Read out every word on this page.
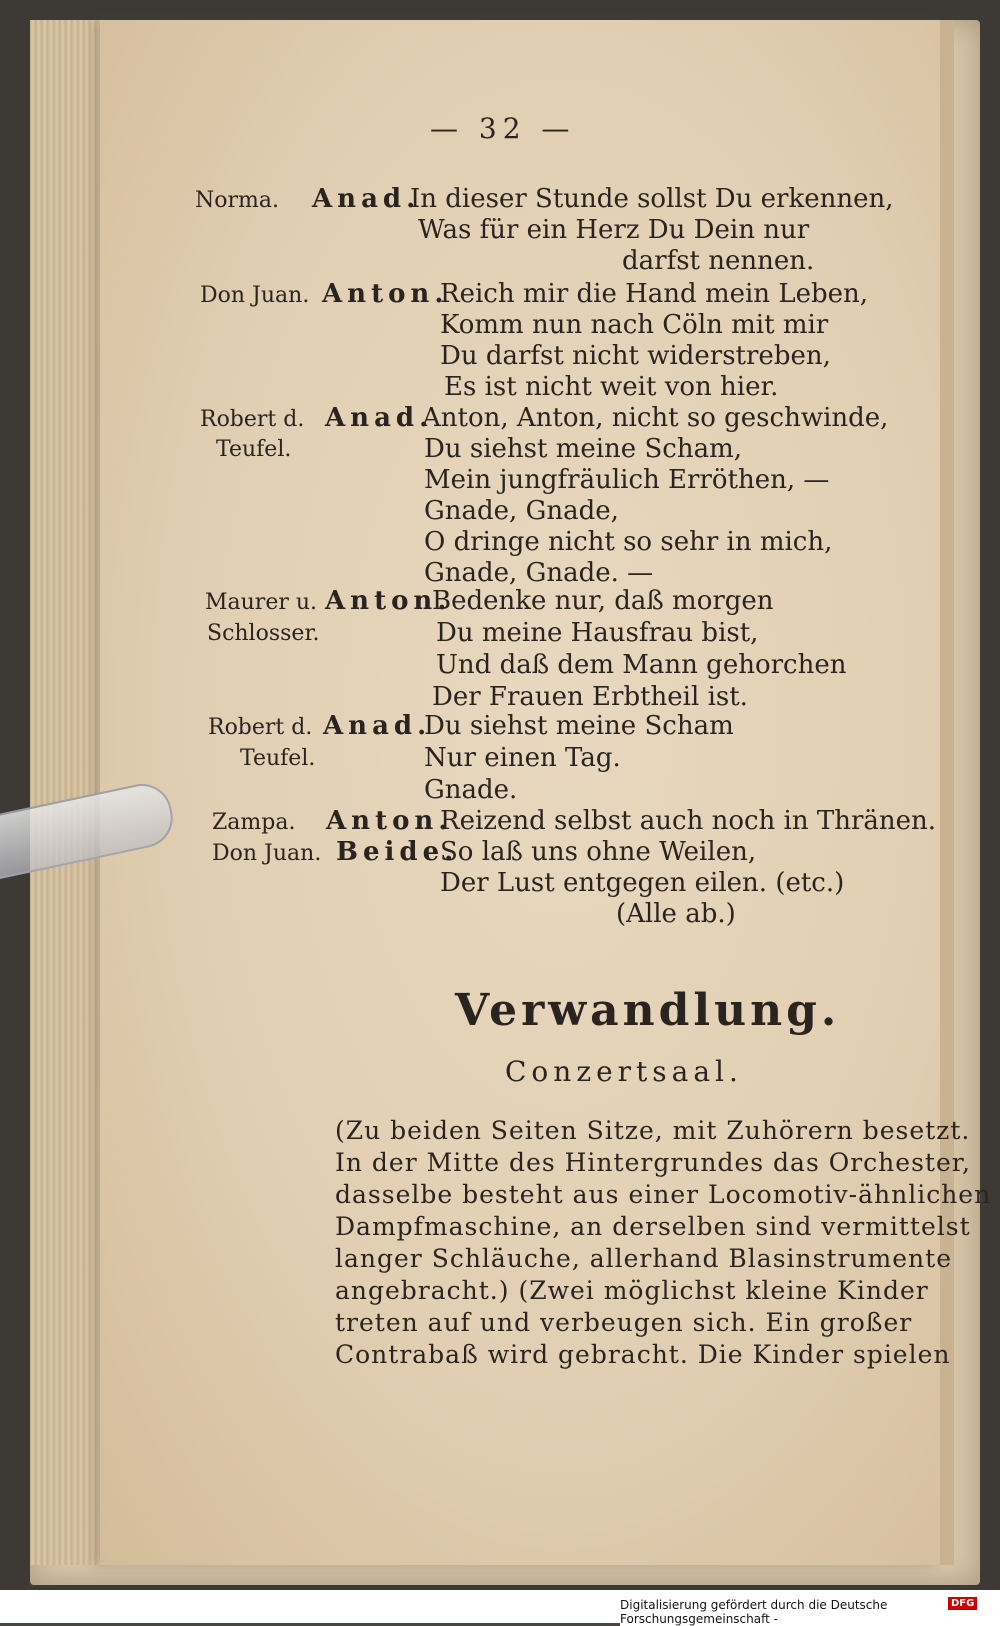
— 32 —
Norma. Anad.
In dieser Stunde sollst Du erkennen,
Was für ein Herz Du Dein nur
darfst nennen.
Don Juan. Anton.
Reich mir die Hand mein Leben,
Komm nun nach Cöln mit mir
Du darfst nicht widerstreben,
Es ist nicht weit von hier.
Robert d.
Teufel.
Anad.
Anton, Anton, nicht so geschwinde,
Du siehst meine Scham,
Mein jungfräulich Erröthen, —
Gnade, Gnade,
O dringe nicht so sehr in mich,
Gnade, Gnade. —
Maurer u.
Schlosser.
Anton.
Bedenke nur, daß morgen
Du meine Hausfrau bist,
Und daß dem Mann gehorchen
Der Frauen Erbtheil ist.
Robert d.
Teufel.
Anad.
Du siehst meine Scham
Nur einen Tag.
Gnade.
Zampa. Anton.
Reizend selbst auch noch in Thränen.
Don Juan. Beide.
So laß uns ohne Weilen,
Der Lust entgegen eilen. (etc.)
(Alle ab.)
Verwandlung.
Conzertsaal.
(Zu beiden Seiten Sitze, mit Zuhörern besetzt.
In der Mitte des Hintergrundes das Orchester,
dasselbe besteht aus einer Locomotiv-ähnlichen
Dampfmaschine, an derselben sind vermittelst
langer Schläuche, allerhand Blasinstrumente
angebracht.) (Zwei möglichst kleine Kinder
treten auf und verbeugen sich. Ein großer
Contrabaß wird gebracht. Die Kinder spielen
Digitalisierung gefördert durch die Deutsche Forschungsgemeinschaft -
DFG
